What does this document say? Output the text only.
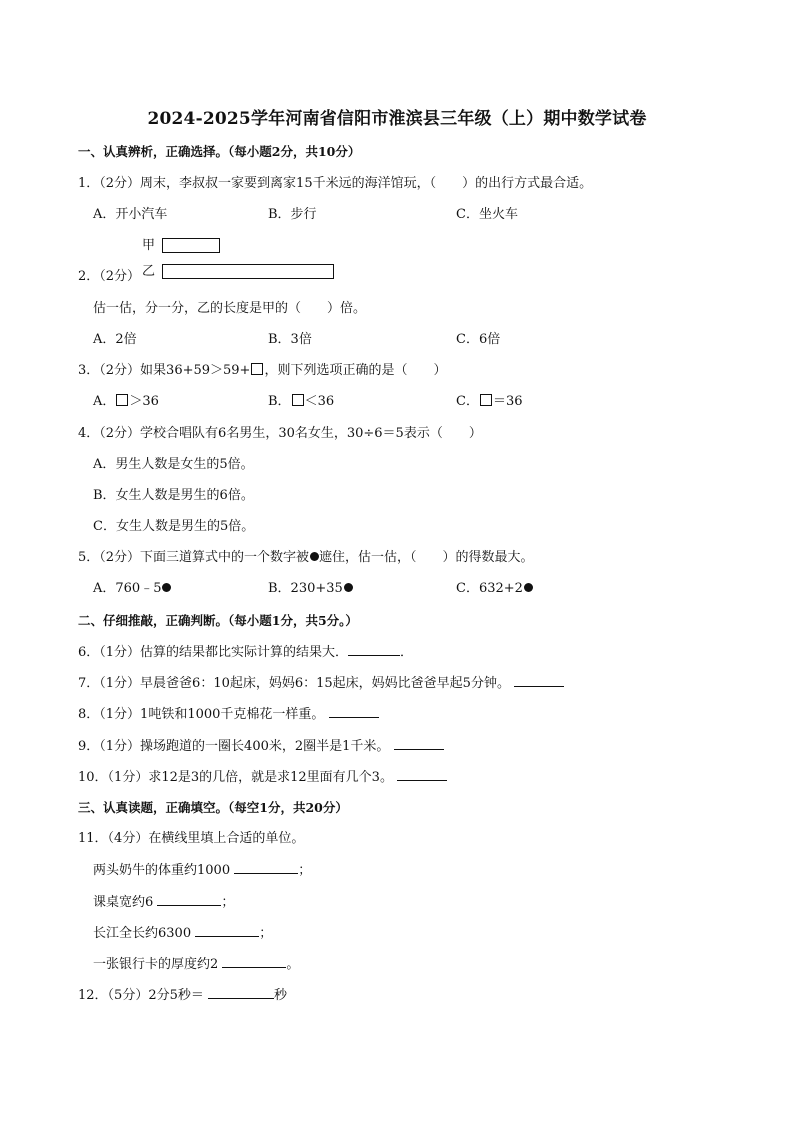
2024-2025学年河南省信阳市淮滨县三年级（上）期中数学试卷
一、认真辨析，正确选择。（每小题2分，共10分）
1．（2分）周末，李叔叔一家要到离家15千米远的海洋馆玩，（　　）的出行方式最合适。
A．开小汽车	B．步行	C．坐火车
甲
2．（2分） 乙
估一估，分一分，乙的长度是甲的（　　）倍。
A．2倍	B．3倍	C．6倍
3．（2分）如果36+59＞59+ ，则下列选项正确的是（　　）
A． ＞36	B． ＜36	C． ＝36
4．（2分）学校合唱队有6名男生，30名女生，30÷6＝5表示（　　）
A．男生人数是女生的5倍。
B．女生人数是男生的6倍。
C．女生人数是男生的5倍。
5．（2分）下面三道算式中的一个数字被 遮住，估一估，（　　）的得数最大。
A．760﹣5	B．230+35	C．632+2
二、仔细推敲，正确判断。（每小题1分，共5分。）
6．（1分）估算的结果都比实际计算的结果大．	．
7．（1分）早晨爸爸6：10起床，妈妈6：15起床，妈妈比爸爸早起5分钟。
8．（1分）1吨铁和1000千克棉花一样重。
9．（1分）操场跑道的一圈长400米，2圈半是1千米。
10．（1分）求12是3的几倍，就是求12里面有几个3。
三、认真读题，正确填空。（每空1分，共20分）
11．（4分）在横线里填上合适的单位。
两头奶牛的体重约1000	；
课桌宽约6	；
长江全长约6300	；
一张银行卡的厚度约2	。
12．（5分）2分5秒＝	秒
